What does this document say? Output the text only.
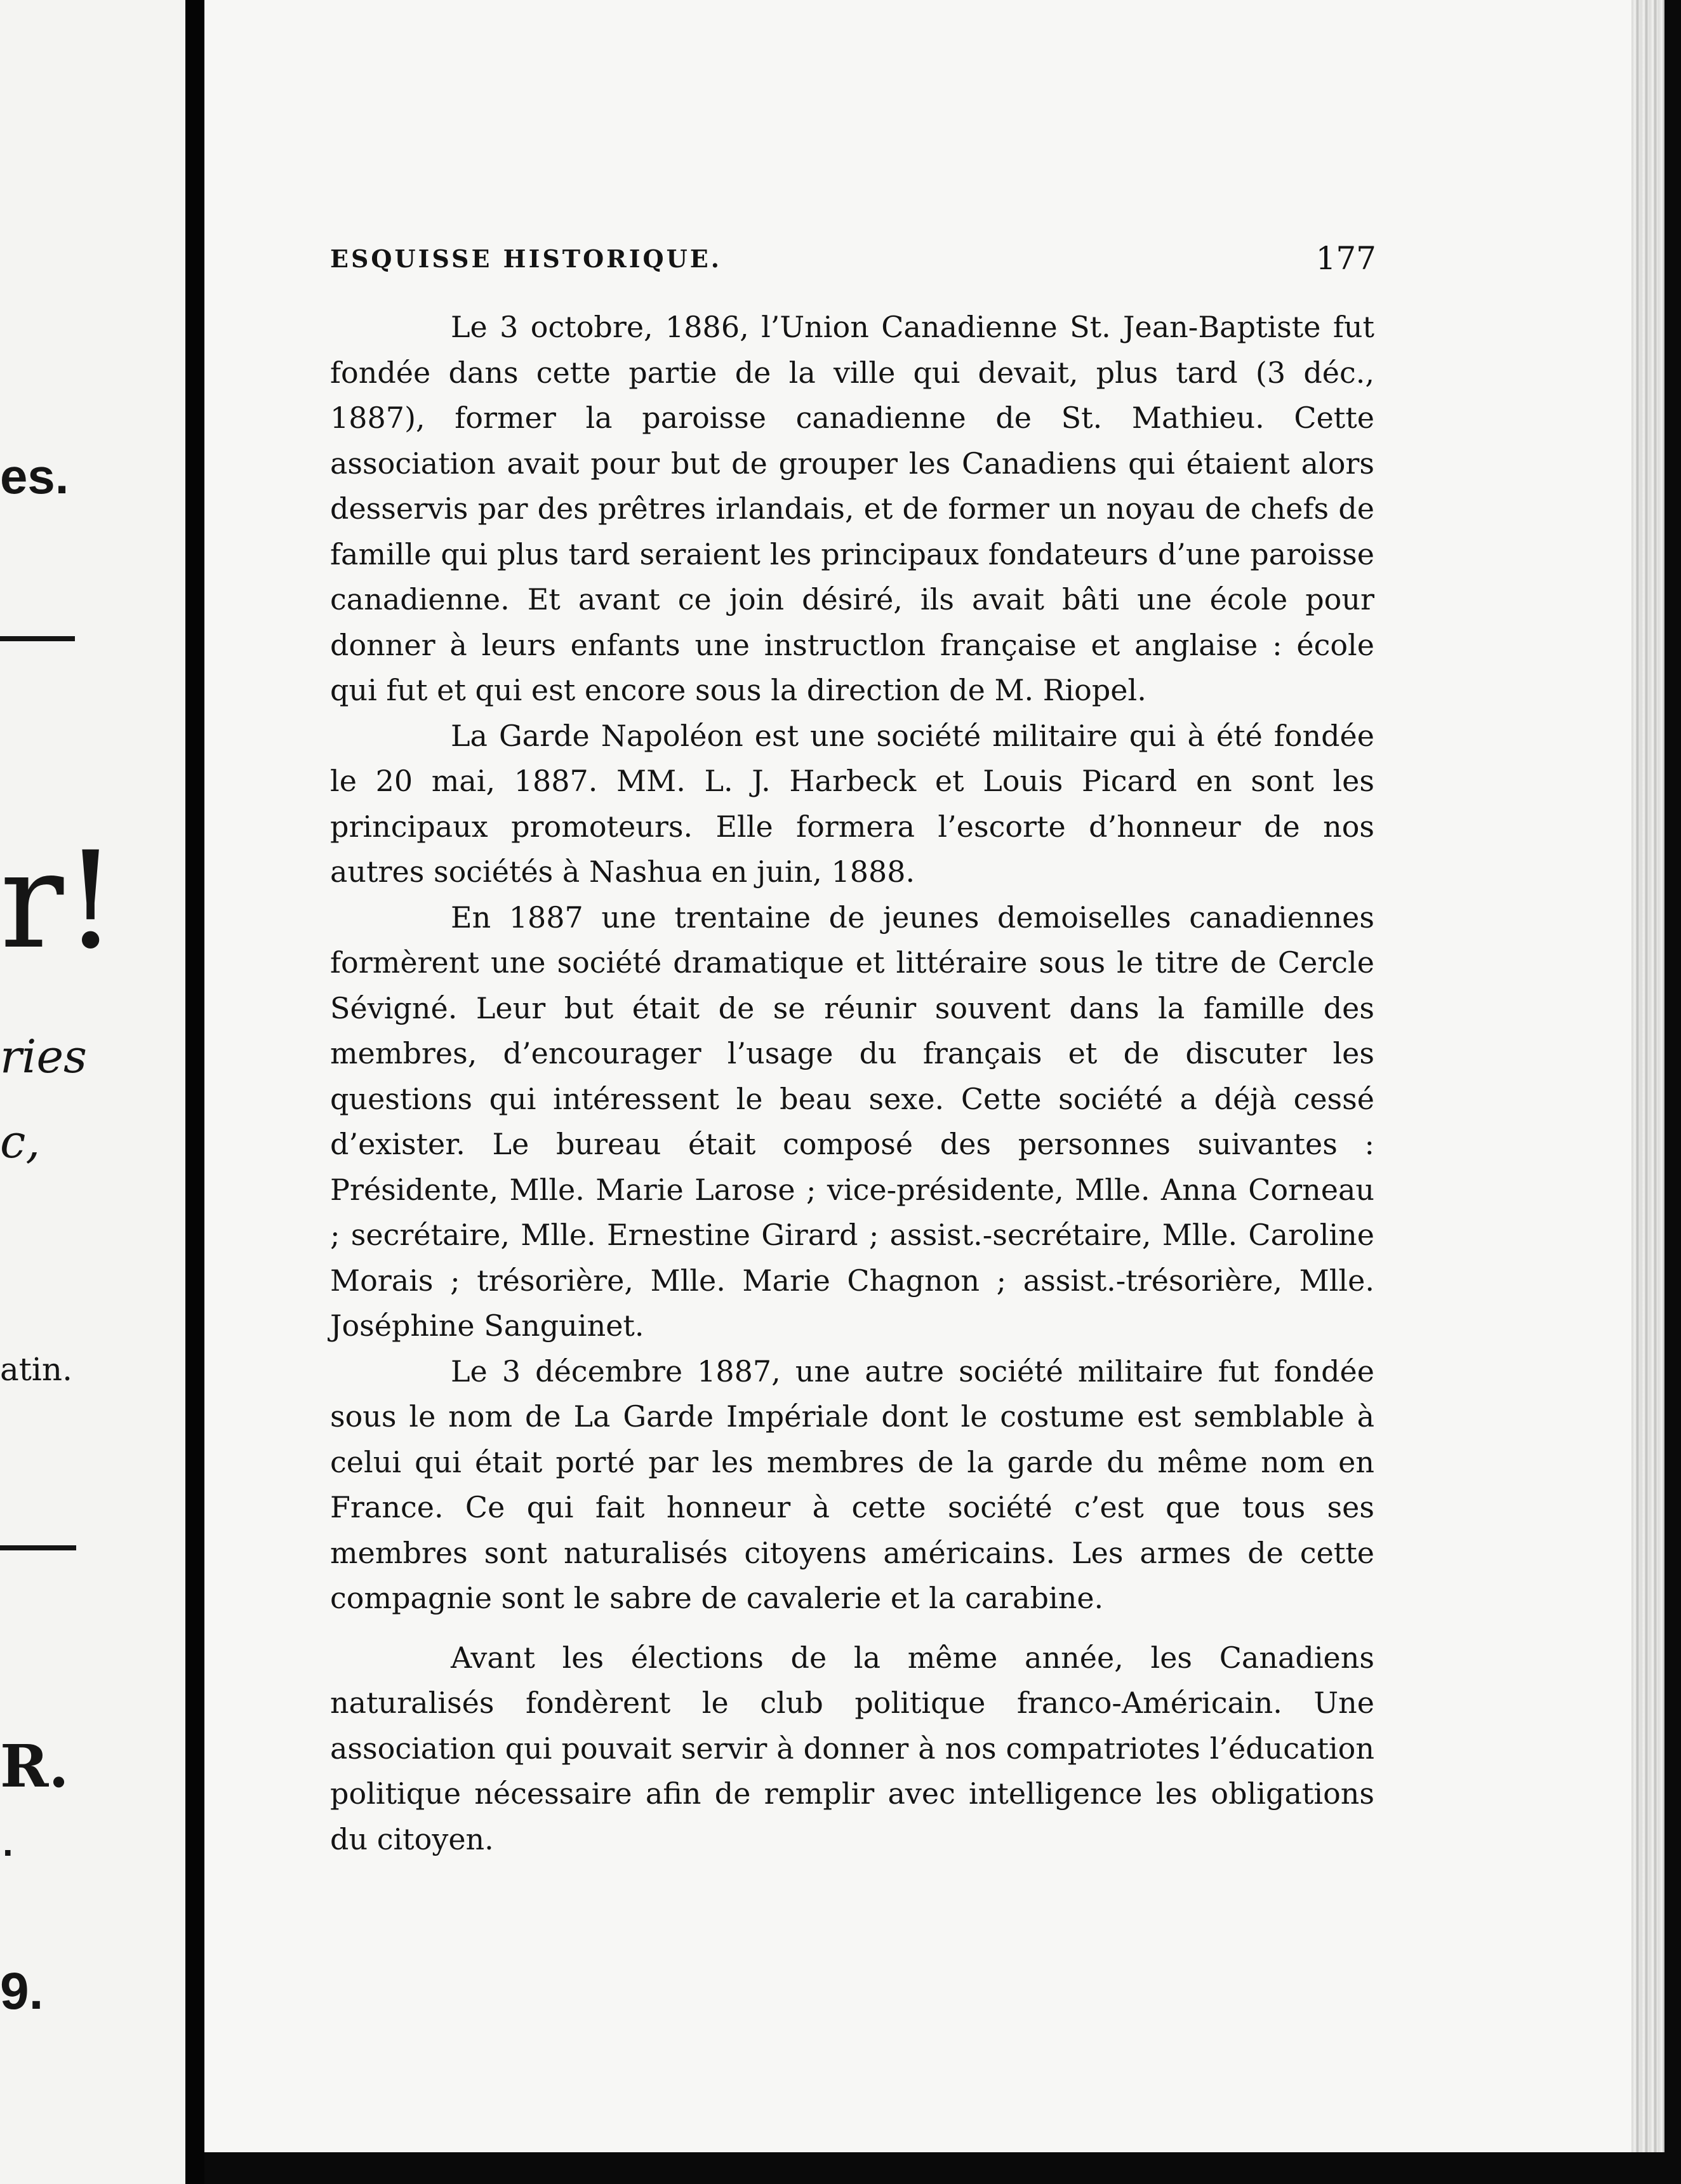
es.
r!
ries
c,
atin.
R.
.
9.
ESQUISSE HISTORIQUE.	177

Le 3 octobre, 1886, l’Union Canadienne St. Jean-Baptiste fut fondée dans cette partie de la ville qui devait, plus tard (3 déc., 1887), former la paroisse canadienne de St. Mathieu. Cette association avait pour but de grouper les Canadiens qui étaient alors desservis par des prêtres irlandais, et de former un noyau de chefs de famille qui plus tard seraient les principaux fondateurs d’une paroisse canadienne. Et avant ce join désiré, ils avait bâti une école pour donner à leurs enfants une instructlon française et anglaise : école qui fut et qui est encore sous la direction de M. Riopel.

La Garde Napoléon est une société militaire qui à été fondée le 20 mai, 1887. MM. L. J. Harbeck et Louis Picard en sont les principaux promoteurs. Elle formera l’escorte d’honneur de nos autres sociétés à Nashua en juin, 1888.

En 1887 une trentaine de jeunes demoiselles canadiennes formèrent une société dramatique et littéraire sous le titre de Cercle Sévigné. Leur but était de se réunir souvent dans la famille des membres, d’encourager l’usage du français et de discuter les questions qui intéressent le beau sexe. Cette société a déjà cessé d’exister. Le bureau était composé des personnes suivantes : Présidente, Mlle. Marie Larose ; vice-présidente, Mlle. Anna Corneau ; secrétaire, Mlle. Ernestine Girard ; assist.-secrétaire, Mlle. Caroline Morais ; trésorière, Mlle. Marie Chagnon ; assist.-trésorière, Mlle. Joséphine Sanguinet.

Le 3 décembre 1887, une autre société militaire fut fondée sous le nom de La Garde Impériale dont le costume est semblable à celui qui était porté par les membres de la garde du même nom en France. Ce qui fait honneur à cette société c’est que tous ses membres sont naturalisés citoyens américains. Les armes de cette compagnie sont le sabre de cavalerie et la carabine.

Avant les élections de la même année, les Canadiens naturalisés fondèrent le club politique franco-Américain. Une association qui pouvait servir à donner à nos compatriotes l’éducation politique nécessaire afin de remplir avec intelligence les obligations du citoyen.
